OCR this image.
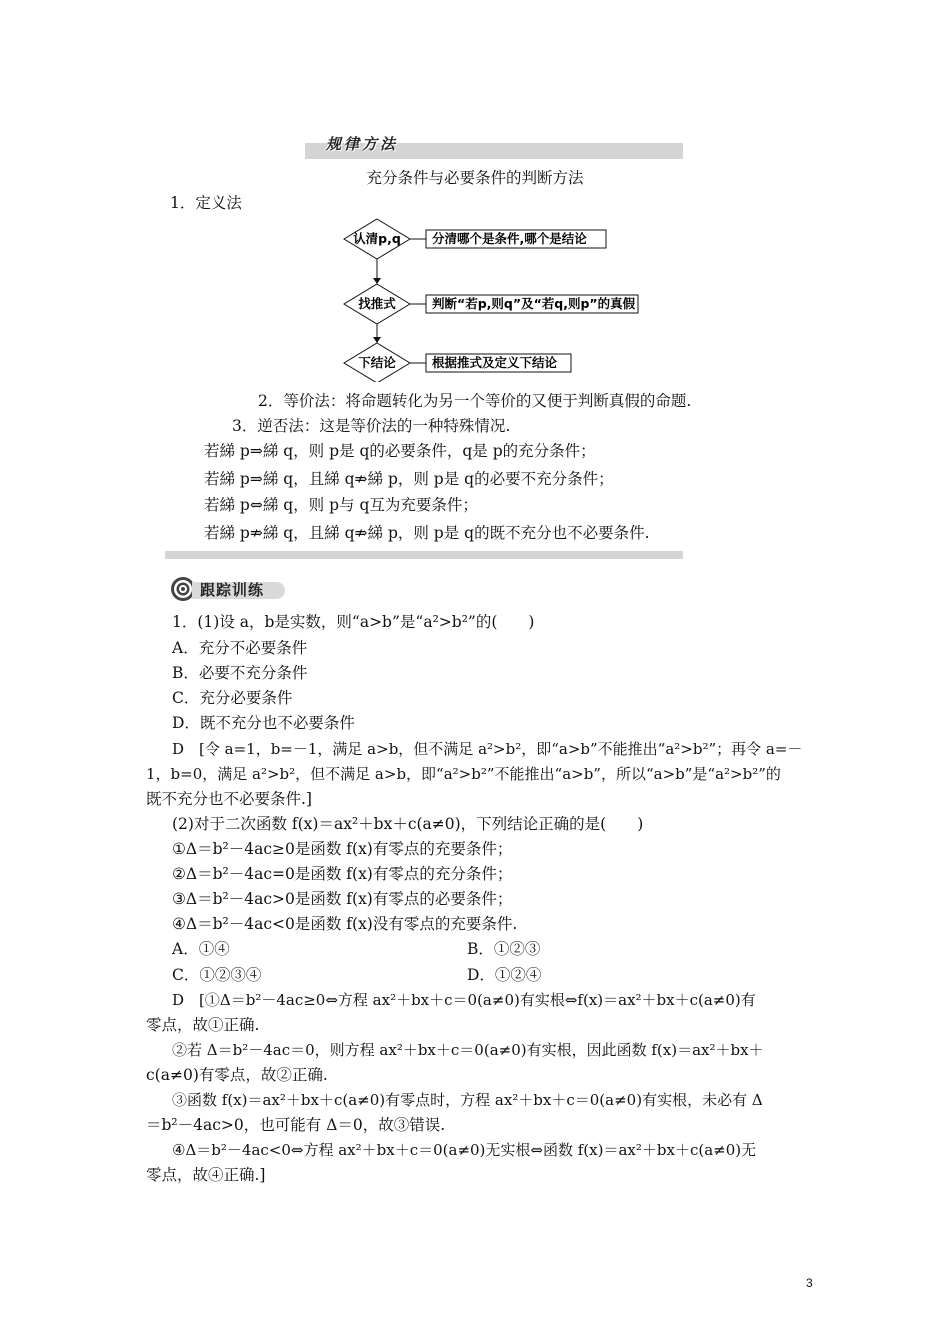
规律方法
充分条件与必要条件的判断方法
1．定义法
认清p,q
找推式
下结论
分清哪个是条件,哪个是结论
判断“若p,则q”及“若q,则p”的真假
根据推式及定义下结论
2．等价法：将命题转化为另一个等价的又便于判断真假的命题.
3．逆否法：这是等价法的一种特殊情况.
若綈 p⇒綈 q，则 p是 q的必要条件，q是 p的充分条件；
若綈 p⇒綈 q，且綈 q⇏綈 p，则 p是 q的必要不充分条件；
若綈 p⇔綈 q，则 p与 q互为充要条件；
若綈 p⇏綈 q，且綈 q⇏綈 p，则 p是 q的既不充分也不必要条件.
跟踪训练
1．(1)设 a，b是实数，则“a>b”是“a²>b²”的(　　)
A．充分不必要条件
B．必要不充分条件
C．充分必要条件
D．既不充分也不必要条件
D　[令 a=1，b=－1，满足 a>b，但不满足 a²>b²，即“a>b”不能推出“a²>b²”；再令 a=－
1，b=0，满足 a²>b²，但不满足 a>b，即“a²>b²”不能推出“a>b”，所以“a>b”是“a²>b²”的
既不充分也不必要条件.]
(2)对于二次函数 f(x)＝ax²＋bx＋c(a≠0)，下列结论正确的是(　　)
①Δ＝b²－4ac≥0是函数 f(x)有零点的充要条件；
②Δ＝b²－4ac=0是函数 f(x)有零点的充分条件；
③Δ＝b²－4ac>0是函数 f(x)有零点的必要条件；
④Δ＝b²－4ac<0是函数 f(x)没有零点的充要条件.
A．①④	B．①②③
C．①②③④	D．①②④
D　[①Δ＝b²－4ac≥0⇔方程 ax²＋bx＋c＝0(a≠0)有实根⇔f(x)＝ax²＋bx＋c(a≠0)有
零点，故①正确.
②若 Δ＝b²－4ac＝0，则方程 ax²＋bx＋c＝0(a≠0)有实根，因此函数 f(x)＝ax²＋bx＋
c(a≠0)有零点，故②正确.
③函数 f(x)＝ax²＋bx＋c(a≠0)有零点时，方程 ax²＋bx＋c＝0(a≠0)有实根，未必有 Δ
＝b²－4ac>0，也可能有 Δ＝0，故③错误.
④Δ＝b²－4ac<0⇔方程 ax²＋bx＋c＝0(a≠0)无实根⇔函数 f(x)＝ax²＋bx＋c(a≠0)无
零点，故④正确.]
3
